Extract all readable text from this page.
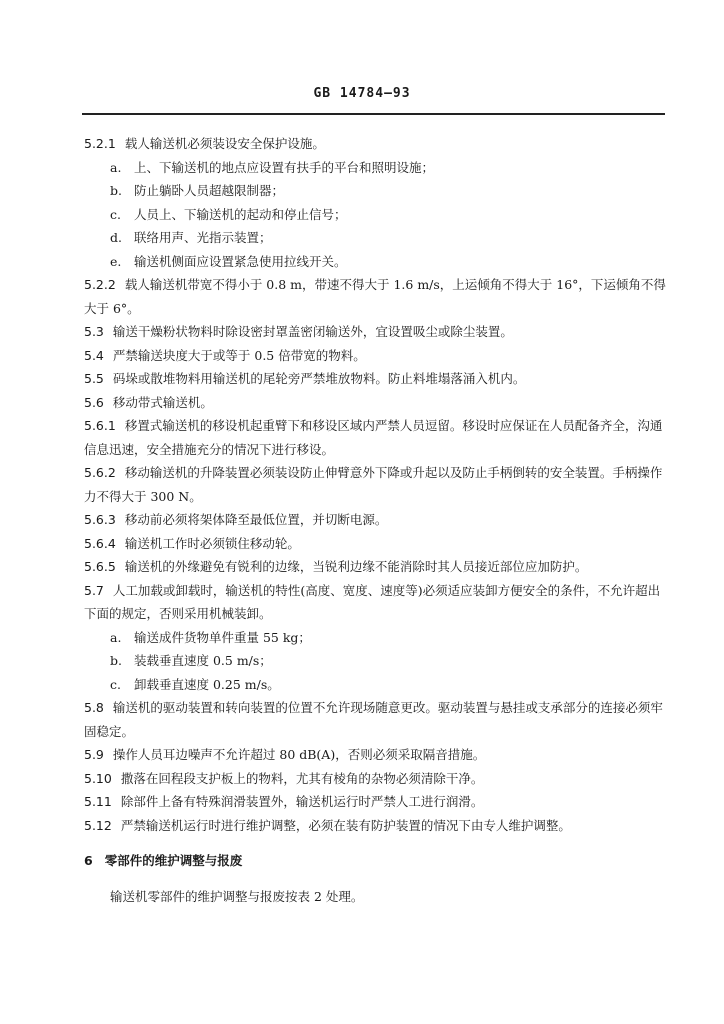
GB 14784—93

5.2.1 载人输送机必须装设安全保护设施。

a. 上、下输送机的地点应设置有扶手的平台和照明设施；

b. 防止躺卧人员超越限制器；

c. 人员上、下输送机的起动和停止信号；

d. 联络用声、光指示装置；

e. 输送机侧面应设置紧急使用拉线开关。

5.2.2 载人输送机带宽不得小于 0.8 m，带速不得大于 1.6 m/s，上运倾角不得大于 16°，下运倾角不得大于 6°。

5.3 输送干燥粉状物料时除设密封罩盖密闭输送外，宜设置吸尘或除尘装置。

5.4 严禁输送块度大于或等于 0.5 倍带宽的物料。

5.5 码垛或散堆物料用输送机的尾轮旁严禁堆放物料。防止料堆塌落涌入机内。

5.6 移动带式输送机。

5.6.1 移置式输送机的移设机起重臂下和移设区域内严禁人员逗留。移设时应保证在人员配备齐全，沟通信息迅速，安全措施充分的情况下进行移设。

5.6.2 移动输送机的升降装置必须装设防止伸臂意外下降或升起以及防止手柄倒转的安全装置。手柄操作力不得大于 300 N。

5.6.3 移动前必须将架体降至最低位置，并切断电源。

5.6.4 输送机工作时必须锁住移动轮。

5.6.5 输送机的外缘避免有锐利的边缘，当锐利边缘不能消除时其人员接近部位应加防护。

5.7 人工加载或卸载时，输送机的特性(高度、宽度、速度等)必须适应装卸方便安全的条件，不允许超出下面的规定，否则采用机械装卸。

a. 输送成件货物单件重量 55 kg；

b. 装载垂直速度 0.5 m/s；

c. 卸载垂直速度 0.25 m/s。

5.8 输送机的驱动装置和转向装置的位置不允许现场随意更改。驱动装置与悬挂或支承部分的连接必须牢固稳定。

5.9 操作人员耳边噪声不允许超过 80 dB(A)，否则必须采取隔音措施。

5.10 撒落在回程段支护板上的物料，尤其有棱角的杂物必须清除干净。

5.11 除部件上备有特殊润滑装置外，输送机运行时严禁人工进行润滑。

5.12 严禁输送机运行时进行维护调整，必须在装有防护装置的情况下由专人维护调整。

6 零部件的维护调整与报废

输送机零部件的维护调整与报废按表 2 处理。
